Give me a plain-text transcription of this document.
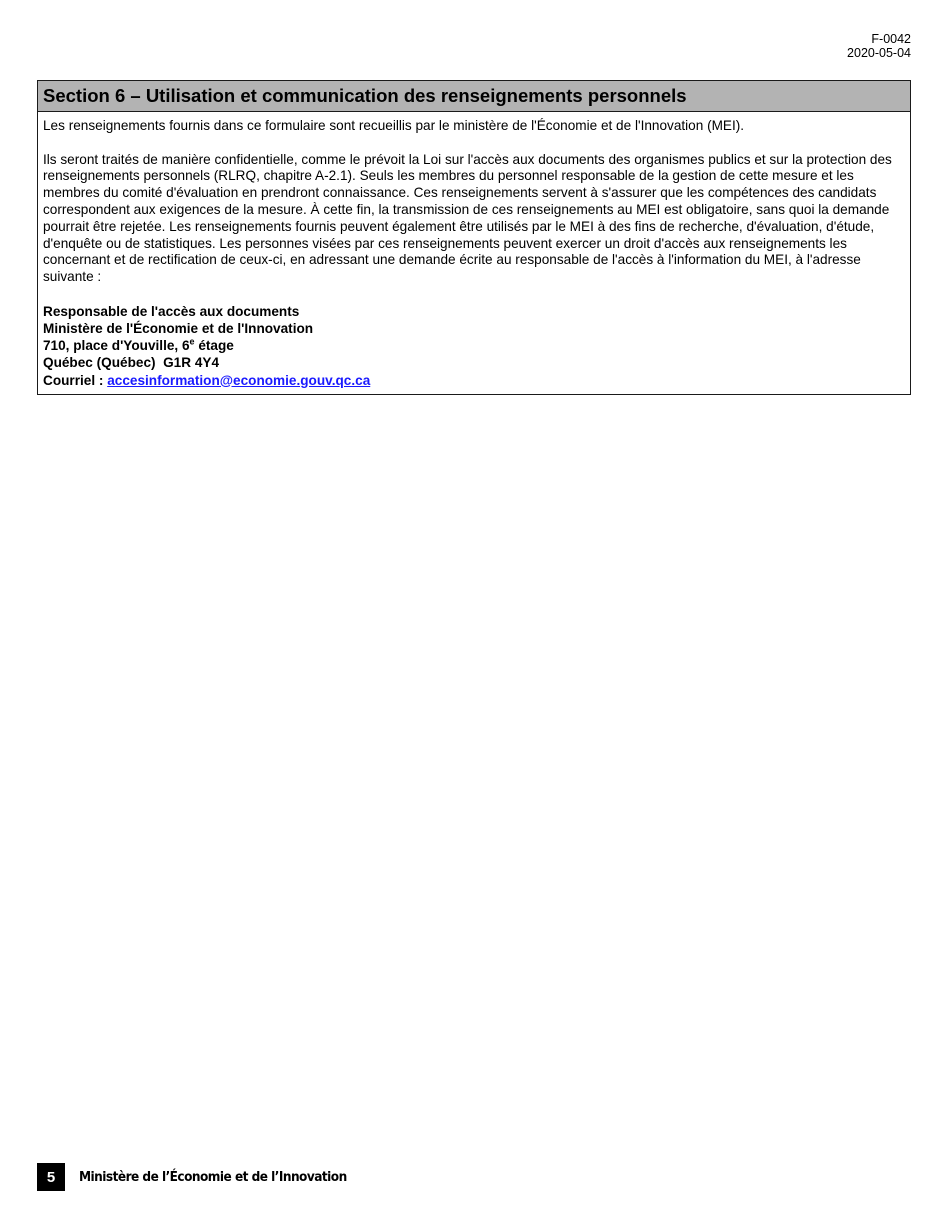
F-0042
2020-05-04
Section 6 – Utilisation et communication des renseignements personnels

Les renseignements fournis dans ce formulaire sont recueillis par le ministère de l'Économie et de l'Innovation (MEI).

Ils seront traités de manière confidentielle, comme le prévoit la Loi sur l'accès aux documents des organismes publics et sur la protection des renseignements personnels (RLRQ, chapitre A-2.1). Seuls les membres du personnel responsable de la gestion de cette mesure et les membres du comité d'évaluation en prendront connaissance. Ces renseignements servent à s'assurer que les compétences des candidats correspondent aux exigences de la mesure. À cette fin, la transmission de ces renseignements au MEI est obligatoire, sans quoi la demande pourrait être rejetée. Les renseignements fournis peuvent également être utilisés par le MEI à des fins de recherche, d'évaluation, d'étude, d'enquête ou de statistiques. Les personnes visées par ces renseignements peuvent exercer un droit d'accès aux renseignements les concernant et de rectification de ceux-ci, en adressant une demande écrite au responsable de l'accès à l'information du MEI, à l'adresse suivante :

Responsable de l'accès aux documents
Ministère de l'Économie et de l'Innovation
710, place d'Youville, 6e étage
Québec (Québec)  G1R 4Y4
Courriel : accesinformation@economie.gouv.qc.ca
5	Ministère de l’Économie et de l’Innovation
